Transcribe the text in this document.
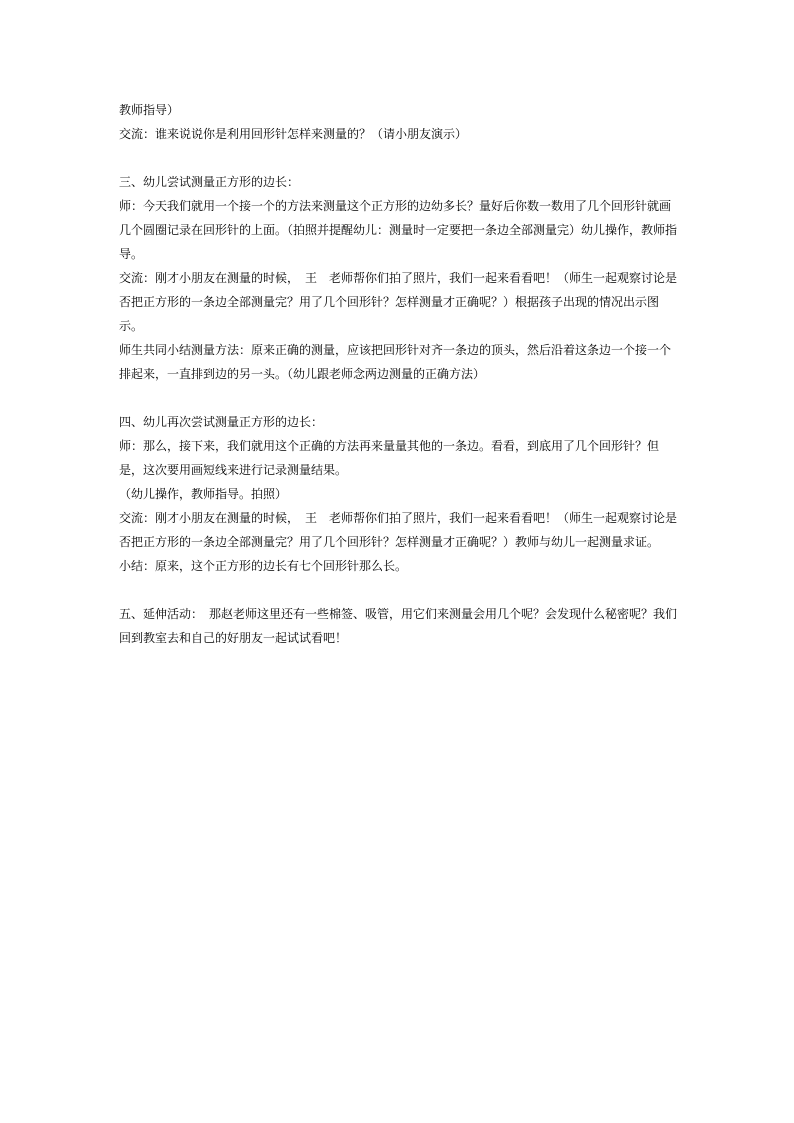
教师指导）

交流：谁来说说你是利用回形针怎样来测量的？（请小朋友演示）

三、幼儿尝试测量正方形的边长：

师：今天我们就用一个接一个的方法来测量这个正方形的边幼多长？量好后你数一数用了几个回形针就画几个圆圈记录在回形针的上面。（拍照并提醒幼儿：测量时一定要把一条边全部测量完）幼儿操作，教师指导。

交流：刚才小朋友在测量的时候，　王　老师帮你们拍了照片，我们一起来看看吧！（师生一起观察讨论是否把正方形的一条边全部测量完？用了几个回形针？怎样测量才正确呢？）根据孩子出现的情况出示图示。

师生共同小结测量方法：原来正确的测量，应该把回形针对齐一条边的顶头，然后沿着这条边一个接一个排起来，一直排到边的另一头。（幼儿跟老师念两边测量的正确方法）

四、幼儿再次尝试测量正方形的边长：

师：那么，接下来，我们就用这个正确的方法再来量量其他的一条边。看看，到底用了几个回形针？但是，这次要用画短线来进行记录测量结果。

（幼儿操作，教师指导。拍照）

交流：刚才小朋友在测量的时候，　王　老师帮你们拍了照片，我们一起来看看吧！（师生一起观察讨论是否把正方形的一条边全部测量完？用了几个回形针？怎样测量才正确呢？）教师与幼儿一起测量求证。

小结：原来，这个正方形的边长有七个回形针那么长。

五、延伸活动：　那赵老师这里还有一些棉签、吸管，用它们来测量会用几个呢？会发现什么秘密呢？我们回到教室去和自己的好朋友一起试试看吧！
